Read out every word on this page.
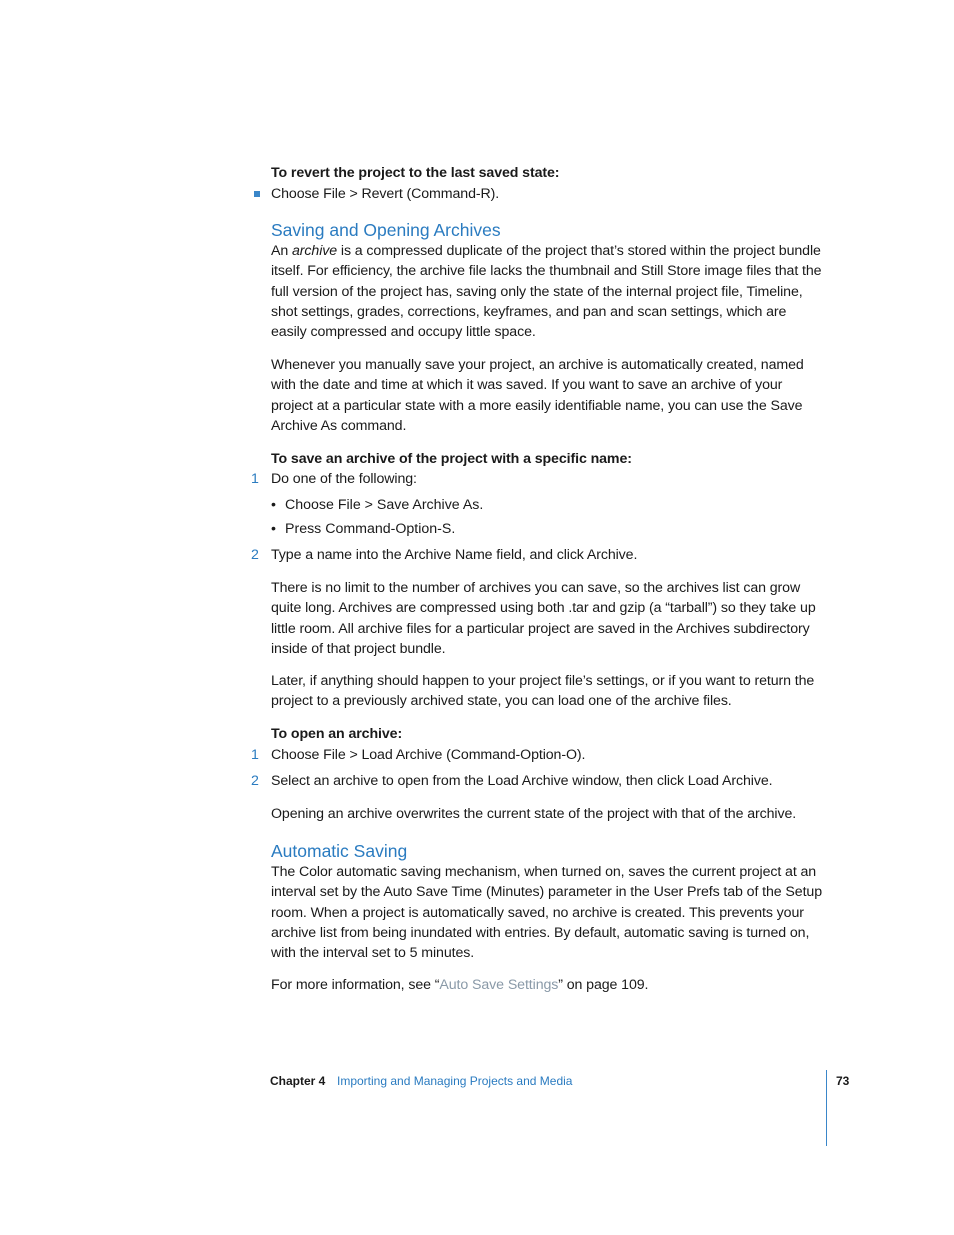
To revert the project to the last saved state:
Choose File > Revert (Command-R).
Saving and Opening Archives
An archive is a compressed duplicate of the project that’s stored within the project bundle itself. For efficiency, the archive file lacks the thumbnail and Still Store image files that the full version of the project has, saving only the state of the internal project file, Timeline, shot settings, grades, corrections, keyframes, and pan and scan settings, which are easily compressed and occupy little space.
Whenever you manually save your project, an archive is automatically created, named with the date and time at which it was saved. If you want to save an archive of your project at a particular state with a more easily identifiable name, you can use the Save Archive As command.
To save an archive of the project with a specific name:
1 Do one of the following:
• Choose File > Save Archive As.
• Press Command-Option-S.
2 Type a name into the Archive Name field, and click Archive.
There is no limit to the number of archives you can save, so the archives list can grow quite long. Archives are compressed using both .tar and gzip (a “tarball”) so they take up little room. All archive files for a particular project are saved in the Archives subdirectory inside of that project bundle.
Later, if anything should happen to your project file’s settings, or if you want to return the project to a previously archived state, you can load one of the archive files.
To open an archive:
1 Choose File > Load Archive (Command-Option-O).
2 Select an archive to open from the Load Archive window, then click Load Archive.
Opening an archive overwrites the current state of the project with that of the archive.
Automatic Saving
The Color automatic saving mechanism, when turned on, saves the current project at an interval set by the Auto Save Time (Minutes) parameter in the User Prefs tab of the Setup room. When a project is automatically saved, no archive is created. This prevents your archive list from being inundated with entries. By default, automatic saving is turned on, with the interval set to 5 minutes.
For more information, see “Auto Save Settings” on page 109.
Chapter 4 Importing and Managing Projects and Media	73
